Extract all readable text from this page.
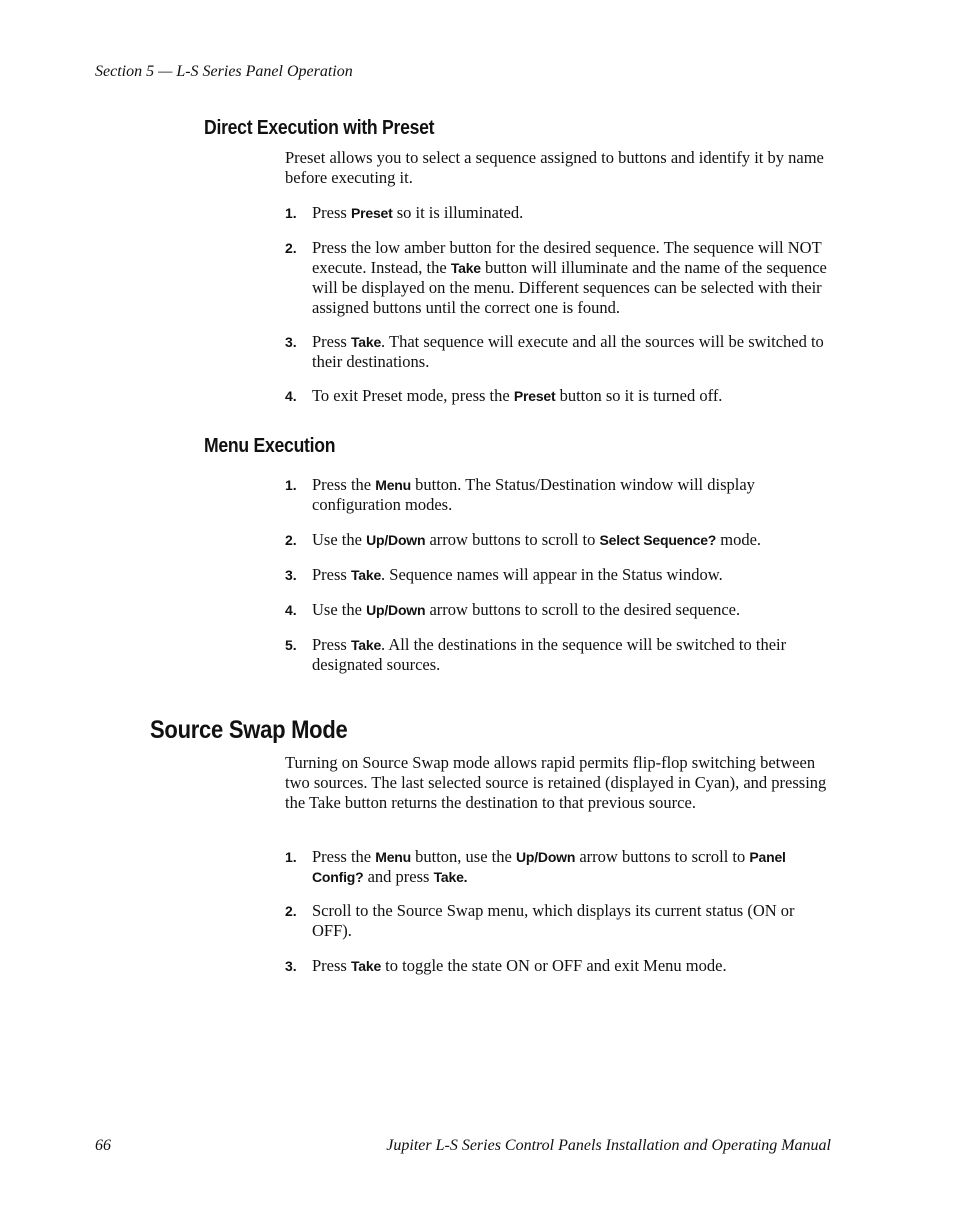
Section 5 — L-S Series Panel Operation
Direct Execution with Preset

Preset allows you to select a sequence assigned to buttons and identify it by name before executing it.

1. Press Preset so it is illuminated.
2. Press the low amber button for the desired sequence. The sequence will NOT execute. Instead, the Take button will illuminate and the name of the sequence will be displayed on the menu. Different sequences can be selected with their assigned buttons until the correct one is found.
3. Press Take. That sequence will execute and all the sources will be switched to their destinations.
4. To exit Preset mode, press the Preset button so it is turned off.
Menu Execution
1. Press the Menu button. The Status/Destination window will display configuration modes.
2. Use the Up/Down arrow buttons to scroll to Select Sequence? mode.
3. Press Take. Sequence names will appear in the Status window.
4. Use the Up/Down arrow buttons to scroll to the desired sequence.
5. Press Take. All the destinations in the sequence will be switched to their designated sources.
Source Swap Mode

Turning on Source Swap mode allows rapid permits flip-flop switching between two sources. The last selected source is retained (displayed in Cyan), and pressing the Take button returns the destination to that previous source.

1. Press the Menu button, use the Up/Down arrow buttons to scroll to Panel Config? and press Take.
2. Scroll to the Source Swap menu, which displays its current status (ON or OFF).
3. Press Take to toggle the state ON or OFF and exit Menu mode.
66	Jupiter L-S Series Control Panels Installation and Operating Manual
